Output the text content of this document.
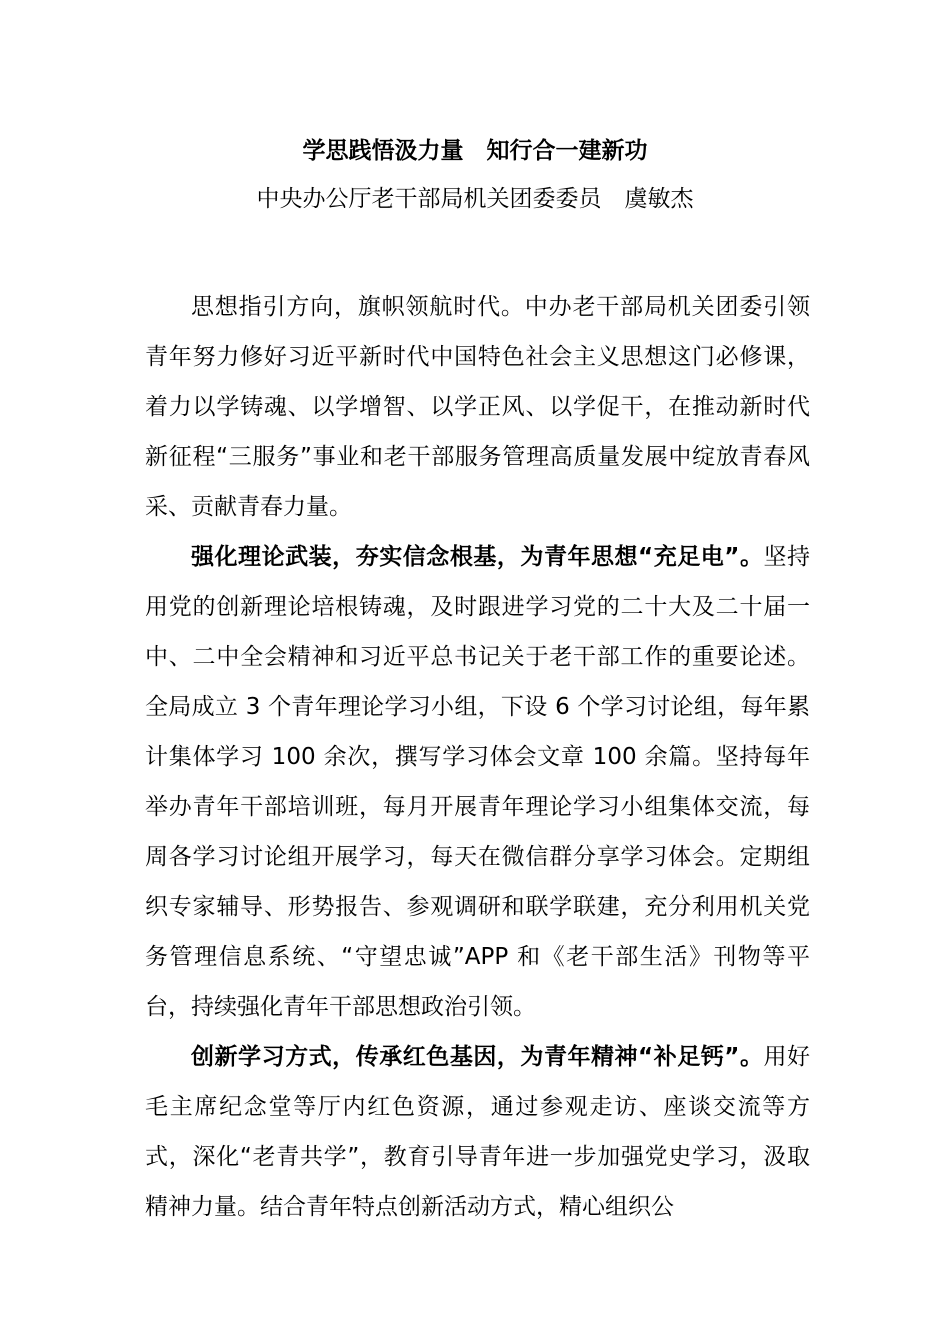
学思践悟汲力量　知行合一建新功
中央办公厅老干部局机关团委委员　虞敏杰

思想指引方向，旗帜领航时代。中办老干部局机关团委引领青年努力修好习近平新时代中国特色社会主义思想这门必修课，着力以学铸魂、以学增智、以学正风、以学促干，在推动新时代新征程“三服务”事业和老干部服务管理高质量发展中绽放青春风采、贡献青春力量。

强化理论武装，夯实信念根基，为青年思想“充足电”。坚持用党的创新理论培根铸魂，及时跟进学习党的二十大及二十届一中、二中全会精神和习近平总书记关于老干部工作的重要论述。全局成立 3 个青年理论学习小组，下设 6 个学习讨论组，每年累计集体学习 100 余次，撰写学习体会文章 100 余篇。坚持每年举办青年干部培训班，每月开展青年理论学习小组集体交流，每周各学习讨论组开展学习，每天在微信群分享学习体会。定期组织专家辅导、形势报告、参观调研和联学联建，充分利用机关党务管理信息系统、“守望忠诚”APP 和《老干部生活》刊物等平台，持续强化青年干部思想政治引领。

创新学习方式，传承红色基因，为青年精神“补足钙”。用好毛主席纪念堂等厅内红色资源，通过参观走访、座谈交流等方式，深化“老青共学”，教育引导青年进一步加强党史学习，汲取精神力量。结合青年特点创新活动方式，精心组织公
